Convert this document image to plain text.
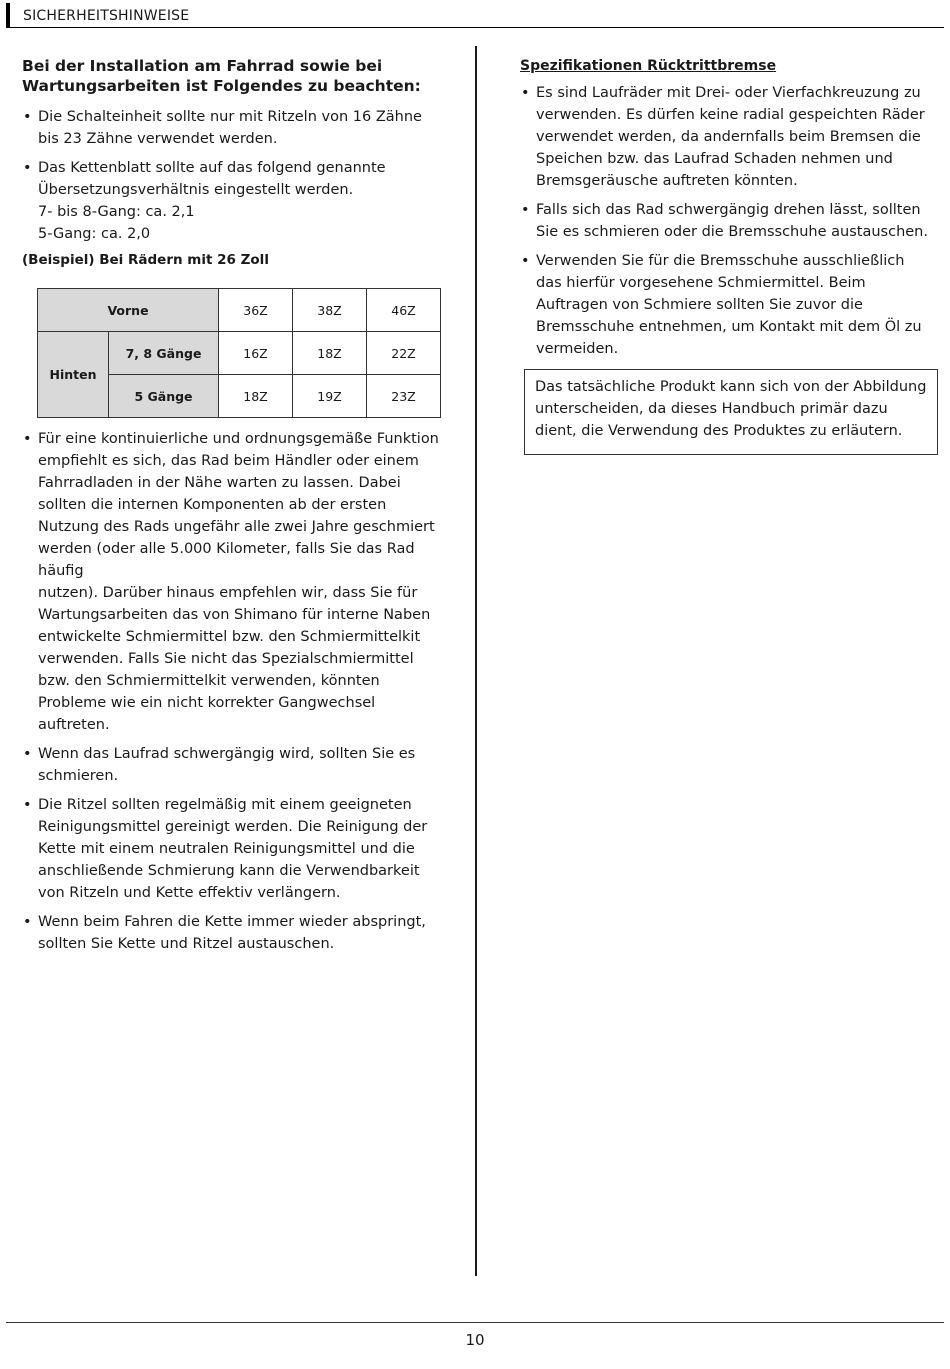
SICHERHEITSHINWEISE

Bei der Installation am Fahrrad sowie bei Wartungsarbeiten ist Folgendes zu beachten:

• Die Schalteinheit sollte nur mit Ritzeln von 16 Zähne bis 23 Zähne verwendet werden.
• Das Kettenblatt sollte auf das folgend genannte Übersetzungsverhältnis eingestellt werden.
7- bis 8-Gang: ca. 2,1
5-Gang: ca. 2,0

(Beispiel) Bei Rädern mit 26 Zoll

Vorne		36Z	38Z	46Z
Hinten	7, 8 Gänge	16Z	18Z	22Z
	5 Gänge	18Z	19Z	23Z
• Für eine kontinuierliche und ordnungsgemäße Funktion empfiehlt es sich, das Rad beim Händler oder einem Fahrradladen in der Nähe warten zu lassen. Dabei sollten die internen Komponenten ab der ersten Nutzung des Rads ungefähr alle zwei Jahre geschmiert werden (oder alle 5.000 Kilometer, falls Sie das Rad häufig
nutzen). Darüber hinaus empfehlen wir, dass Sie für Wartungsarbeiten das von Shimano für interne Naben entwickelte Schmiermittel bzw. den Schmiermittelkit verwenden. Falls Sie nicht das Spezialschmiermittel bzw. den Schmiermittelkit verwenden, könnten Probleme wie ein nicht korrekter Gangwechsel auftreten.
• Wenn das Laufrad schwergängig wird, sollten Sie es schmieren.
• Die Ritzel sollten regelmäßig mit einem geeigneten Reinigungsmittel gereinigt werden. Die Reinigung der Kette mit einem neutralen Reinigungsmittel und die anschließende Schmierung kann die Verwendbarkeit von Ritzeln und Kette effektiv verlängern.
• Wenn beim Fahren die Kette immer wieder abspringt, sollten Sie Kette und Ritzel austauschen.

Spezifikationen Rücktrittbremse

• Es sind Laufräder mit Drei- oder Vierfachkreuzung zu verwenden. Es dürfen keine radial gespeichten Räder verwendet werden, da andernfalls beim Bremsen die Speichen bzw. das Laufrad Schaden nehmen und Bremsgeräusche auftreten könnten.
• Falls sich das Rad schwergängig drehen lässt, sollten Sie es schmieren oder die Bremsschuhe austauschen.
• Verwenden Sie für die Bremsschuhe ausschließlich das hierfür vorgesehene Schmiermittel. Beim Auftragen von Schmiere sollten Sie zuvor die Bremsschuhe entnehmen, um Kontakt mit dem Öl zu vermeiden.
Das tatsächliche Produkt kann sich von der Abbildung unterscheiden, da dieses Handbuch primär dazu dient, die Verwendung des Produktes zu erläutern.
10
